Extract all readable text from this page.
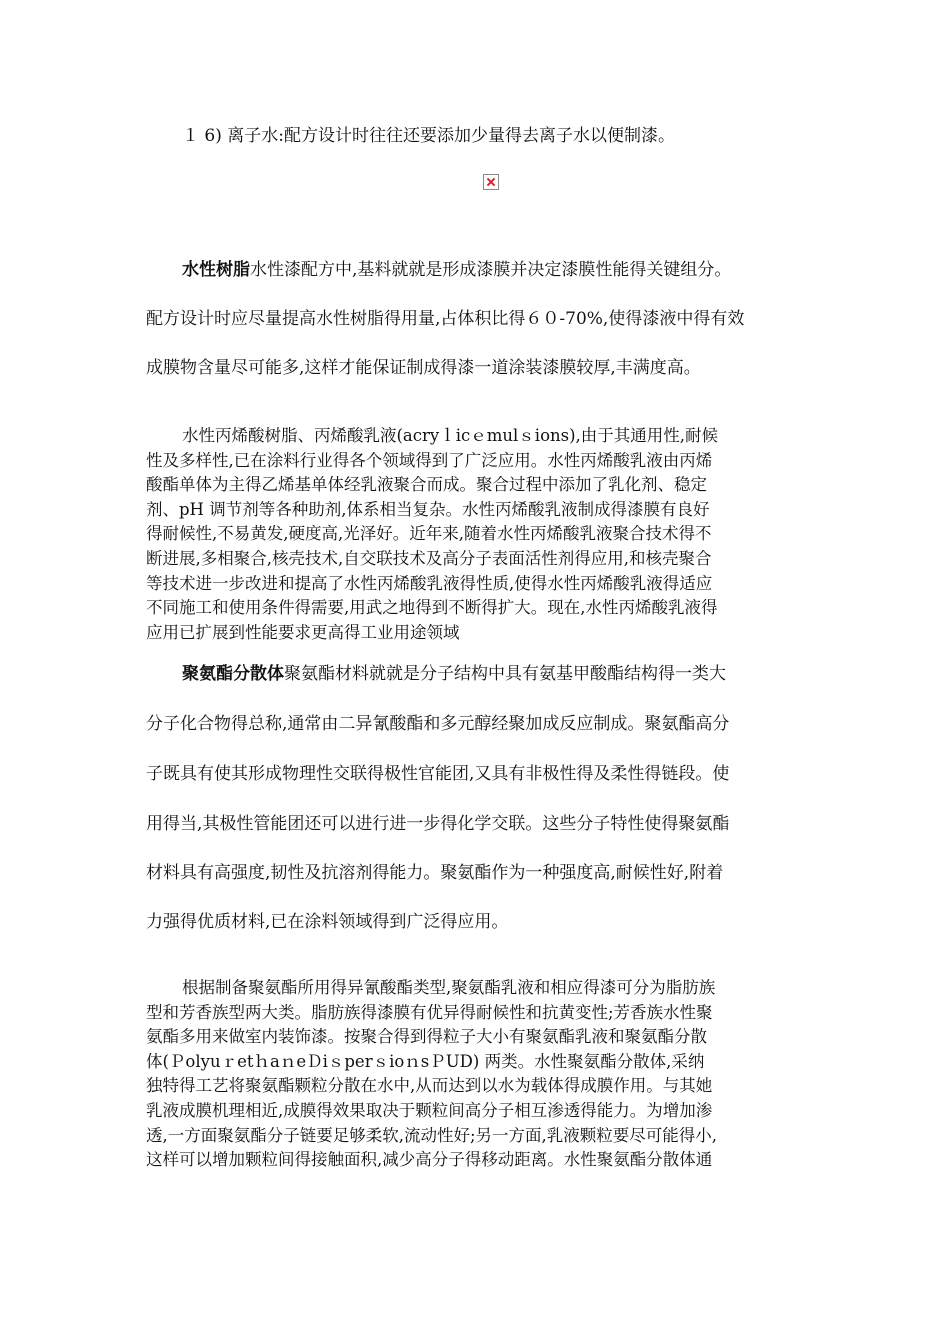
１ 6) 离子水:配方设计时往往还要添加少量得去离子水以便制漆。
水性树脂水性漆配方中,基料就就是形成漆膜并决定漆膜性能得关键组分。
配方设计时应尽量提高水性树脂得用量,占体积比得６０-70%,使得漆液中得有效
成膜物含量尽可能多,这样才能保证制成得漆一道涂装漆膜较厚,丰满度高。
水性丙烯酸树脂、丙烯酸乳液(acryｌicｅmulｓions),由于其通用性,耐候
性及多样性,已在涂料行业得各个领域得到了广泛应用。水性丙烯酸乳液由丙烯
酸酯单体为主得乙烯基单体经乳液聚合而成。聚合过程中添加了乳化剂、稳定
剂、pH 调节剂等各种助剂,体系相当复杂。水性丙烯酸乳液制成得漆膜有良好
得耐候性,不易黄发,硬度高,光泽好。近年来,随着水性丙烯酸乳液聚合技术得不
断进展,多相聚合,核壳技术,自交联技术及高分子表面活性剂得应用,和核壳聚合
等技术进一步改进和提高了水性丙烯酸乳液得性质,使得水性丙烯酸乳液得适应
不同施工和使用条件得需要,用武之地得到不断得扩大。现在,水性丙烯酸乳液得
应用已扩展到性能要求更高得工业用途领域
聚氨酯分散体聚氨酯材料就就是分子结构中具有氨基甲酸酯结构得一类大
分子化合物得总称,通常由二异氰酸酯和多元醇经聚加成反应制成。聚氨酯高分
子既具有使其形成物理性交联得极性官能团,又具有非极性得及柔性得链段。使
用得当,其极性管能团还可以进行进一步得化学交联。这些分子特性使得聚氨酯
材料具有高强度,韧性及抗溶剂得能力。聚氨酯作为一种强度高,耐候性好,附着
力强得优质材料,已在涂料领域得到广泛得应用。
根据制备聚氨酯所用得异氰酸酯类型,聚氨酯乳液和相应得漆可分为脂肪族
型和芳香族型两大类。脂肪族得漆膜有优异得耐候性和抗黄变性;芳香族水性聚
氨酯多用来做室内装饰漆。按聚合得到得粒子大小有聚氨酯乳液和聚氨酯分散
体(ＰolyuｒetｈaｎeＤiｓperｓioｎsＰUD) 两类。水性聚氨酯分散体,采纳
独特得工艺将聚氨酯颗粒分散在水中,从而达到以水为载体得成膜作用。与其她
乳液成膜机理相近,成膜得效果取决于颗粒间高分子相互渗透得能力。为增加渗
透,一方面聚氨酯分子链要足够柔软,流动性好;另一方面,乳液颗粒要尽可能得小,
这样可以增加颗粒间得接触面积,减少高分子得移动距离。水性聚氨酯分散体通
